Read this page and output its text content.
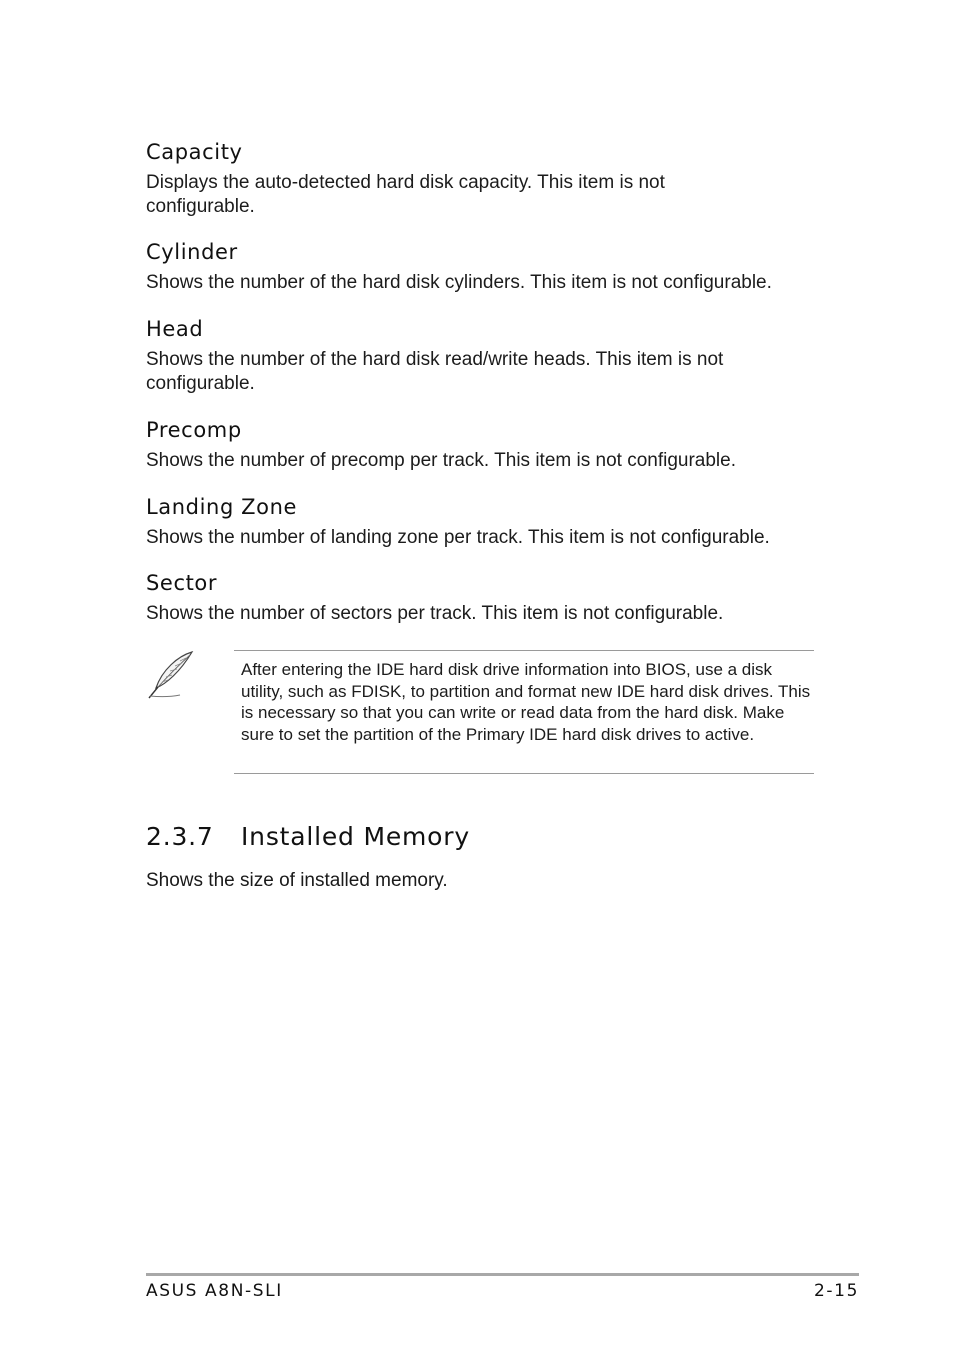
Capacity

Displays the auto-detected hard disk capacity. This item is not configurable.

Cylinder

Shows the number of the hard disk cylinders. This item is not configurable.

Head

Shows the number of the hard disk read/write heads. This item is not configurable.

Precomp

Shows the number of precomp per track. This item is not configurable.

Landing Zone

Shows the number of landing zone per track. This item is not configurable.

Sector

Shows the number of sectors per track. This item is not configurable.

After entering the IDE hard disk drive information into BIOS, use a disk utility, such as FDISK, to partition and format new IDE hard disk drives. This is necessary so that you can write or read data from the hard disk. Make sure to set the partition of the Primary IDE hard disk drives to active.

2.3.7	Installed Memory

Shows the size of installed memory.

ASUS A8N-SLI	2-15
